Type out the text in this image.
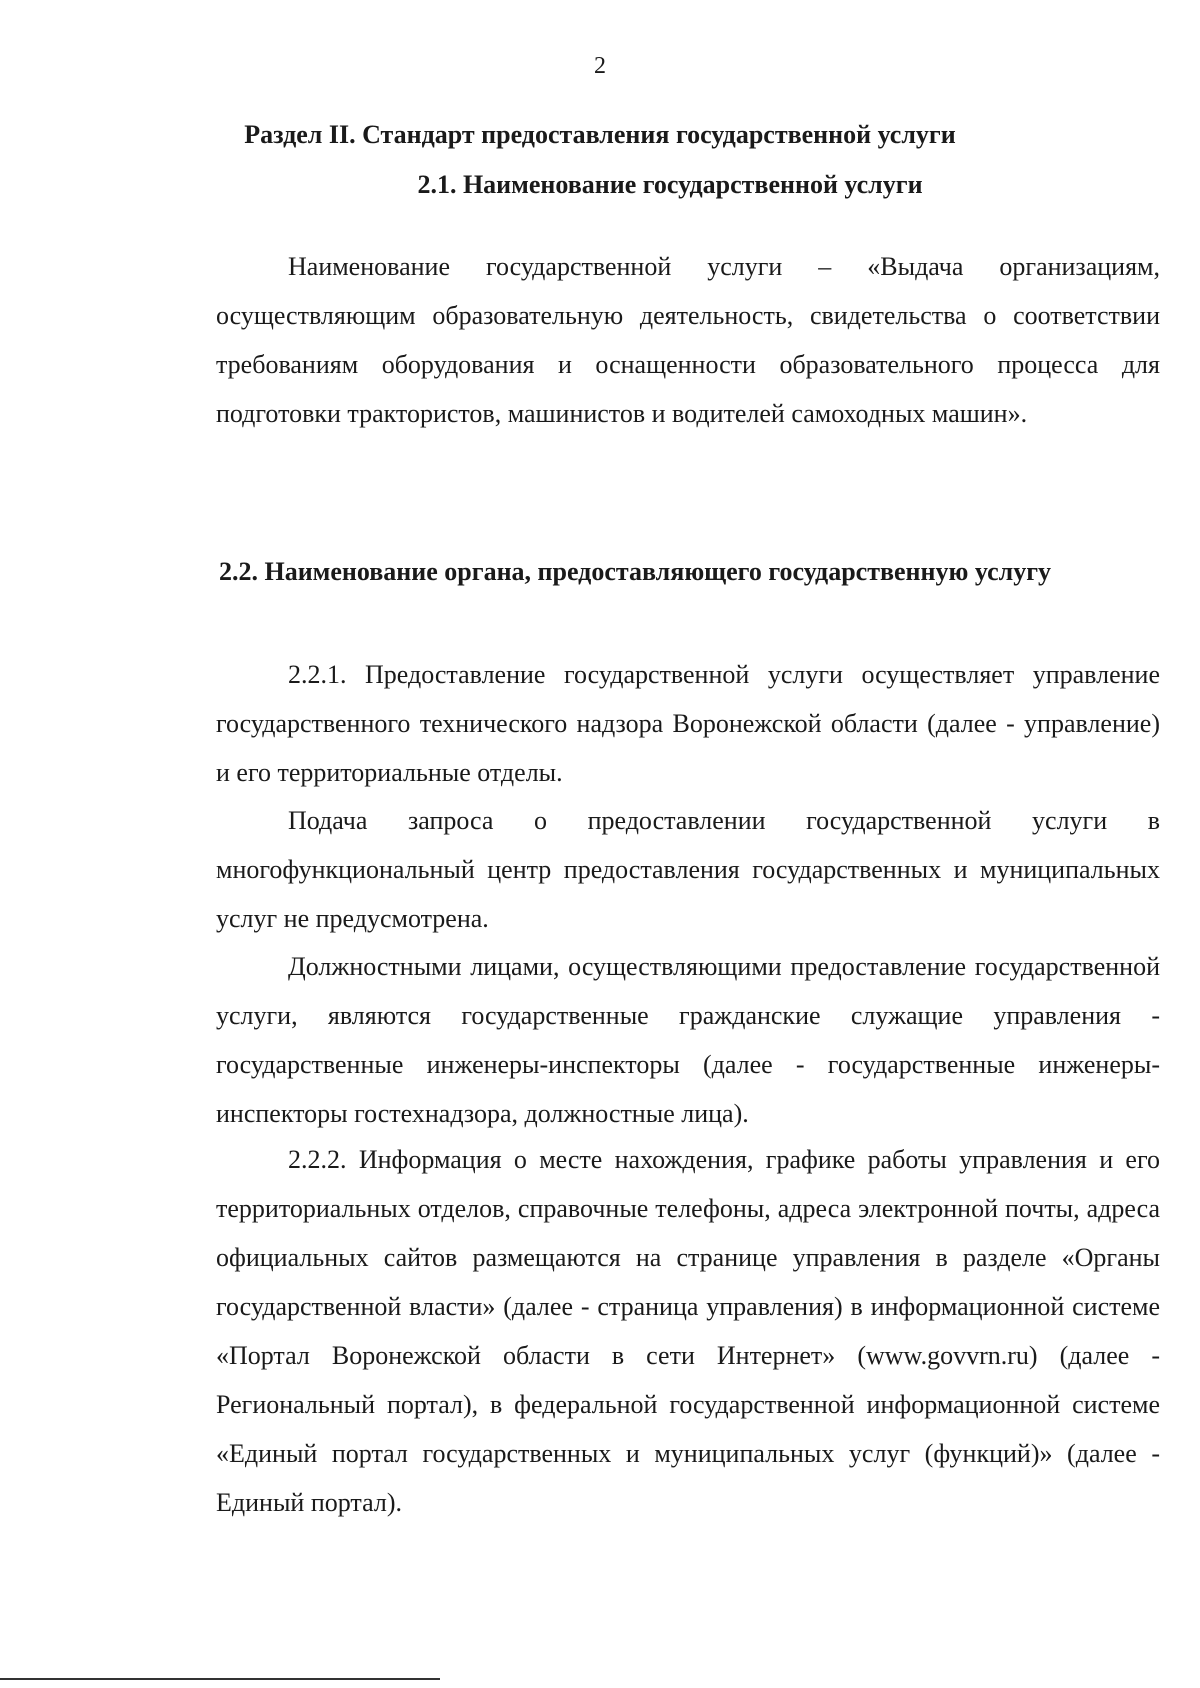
2
Раздел II. Стандарт предоставления государственной услуги
2.1. Наименование государственной услуги

Наименование государственной услуги – «Выдача организациям, осуществляющим образовательную деятельность, свидетельства о соответствии требованиям оборудования и оснащенности образовательного процесса для подготовки трактористов, машинистов и водителей самоходных машин».

2.2. Наименование органа, предоставляющего государственную услугу

2.2.1. Предоставление государственной услуги осуществляет управление государственного технического надзора Воронежской области (далее - управление) и его территориальные отделы.

Подача запроса о предоставлении государственной услуги в многофункциональный центр предоставления государственных и муниципальных услуг не предусмотрена.

Должностными лицами, осуществляющими предоставление государственной услуги, являются государственные гражданские служащие управления - государственные инженеры-инспекторы (далее - государственные инженеры-инспекторы гостехнадзора, должностные лица).

2.2.2. Информация о месте нахождения, графике работы управления и его территориальных отделов, справочные телефоны, адреса электронной почты, адреса официальных сайтов размещаются на странице управления в разделе «Органы государственной власти» (далее - страница управления) в информационной системе «Портал Воронежской области в сети Интернет» (www.govvrn.ru) (далее - Региональный портал), в федеральной государственной информационной системе «Единый портал государственных и муниципальных услуг (функций)» (далее - Единый портал).
